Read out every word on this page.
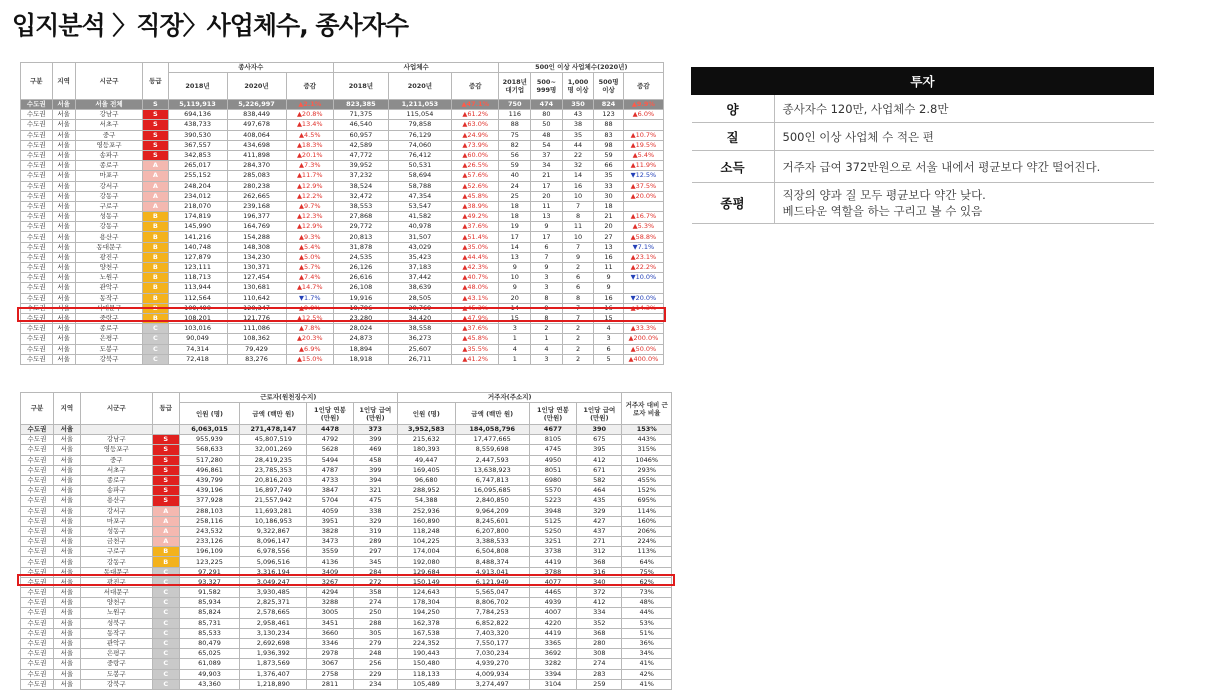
입지분석 〉직장〉사업체수, 종사자수
구분	지역	시군구	등급	종사자수			사업체수			500인 이상 사업체수(2020년)				
				2018년	2020년	증감	2018년	2020년	증감	2018년 대기업	500~ 999명	1,000명 이상	500명 이상	증감
수도권	서울	서울 전체	S	5,119,913	5,226,997	▲2.1%	823,385	1,211,053	▲47.1%	750	474	350	824	▲9.9%
수도권	서울	강남구	S	694,136	838,449	▲20.8%	71,375	115,054	▲61.2%	116	80	43	123	▲6.0%
수도권	서울	서초구	S	438,733	497,678	▲13.4%	46,540	79,858	▲63.0%	88	50	38	88	
수도권	서울	중구	S	390,530	408,064	▲4.5%	60,957	76,129	▲24.9%	75	48	35	83	▲10.7%
수도권	서울	영등포구	S	367,557	434,698	▲18.3%	42,589	74,060	▲73.9%	82	54	44	98	▲19.5%
수도권	서울	송파구	S	342,853	411,898	▲20.1%	47,772	76,412	▲60.0%	56	37	22	59	▲5.4%
수도권	서울	종로구	A	265,017	284,370	▲7.3%	39,952	50,531	▲26.5%	59	34	32	66	▲11.9%
수도권	서울	마포구	A	255,152	285,083	▲11.7%	37,232	58,694	▲57.6%	40	21	14	35	▼12.5%
수도권	서울	강서구	A	248,204	280,238	▲12.9%	38,524	58,788	▲52.6%	24	17	16	33	▲37.5%
수도권	서울	강동구	A	234,012	262,665	▲12.2%	32,472	47,354	▲45.8%	25	20	10	30	▲20.0%
수도권	서울	구로구	A	218,070	239,168	▲9.7%	38,553	53,547	▲38.9%	18	11	7	18	
수도권	서울	성동구	B	174,819	196,377	▲12.3%	27,868	41,582	▲49.2%	18	13	8	21	▲16.7%
수도권	서울	강동구	B	145,990	164,769	▲12.9%	29,772	40,978	▲37.6%	19	9	11	20	▲5.3%
수도권	서울	용산구	B	141,216	154,288	▲9.3%	20,813	31,507	▲51.4%	17	17	10	27	▲58.8%
수도권	서울	동대문구	B	140,748	148,308	▲5.4%	31,878	43,029	▲35.0%	14	6	7	13	▼7.1%
수도권	서울	광진구	B	127,879	134,230	▲5.0%	24,535	35,423	▲44.4%	13	7	9	16	▲23.1%
수도권	서울	양천구	B	123,111	130,371	▲5.7%	26,126	37,183	▲42.3%	9	9	2	11	▲22.2%
수도권	서울	노원구	B	118,713	127,454	▲7.4%	26,616	37,442	▲40.7%	10	3	6	9	▼10.0%
수도권	서울	관악구	B	113,944	130,681	▲14.7%	26,108	38,639	▲48.0%	9	3	6	9	
수도권	서울	동작구	B	112,564	110,642	▼1.7%	19,916	28,505	▲43.1%	20	8	8	16	▼20.0%
수도권	서울	서대문구	B	109,490	120,347	▲9.9%	19,796	28,769	▲45.3%	14	9	7	16	▲14.3%
수도권	서울	중랑구	B	108,201	121,776	▲12.5%	23,280	34,420	▲47.9%	15	8	7	15	
수도권	서울	종로구	C	103,016	111,086	▲7.8%	28,024	38,558	▲37.6%	3	2	2	4	▲33.3%
수도권	서울	은평구	C	90,049	108,362	▲20.3%	24,873	36,273	▲45.8%	1	1	2	3	▲200.0%
수도권	서울	도봉구	C	74,314	79,429	▲6.9%	18,894	25,607	▲35.5%	4	4	2	6	▲50.0%
수도권	서울	강북구	C	72,418	83,276	▲15.0%	18,918	26,711	▲41.2%	1	3	2	5	▲400.0%
구분	지역	시군구	등급	근로자(원천징수지)				거주자(주소지)				거주자 대비 근로자 비율
				인원 (명)	금액 (백만 원)	1인당 연봉 (만원)	1인당 급여 (만원)	인원 (명)	금액 (백만 원)	1인당 연봉 (만원)	1인당 급여 (만원)	
수도권	서울			6,063,015	271,478,147	4478	373	3,952,583	184,058,796	4677	390	153%
수도권	서울	강남구	S	955,939	45,807,519	4792	399	215,632	17,477,665	8105	675	443%
수도권	서울	영등포구	S	568,633	32,001,269	5628	469	180,393	8,559,698	4745	395	315%
수도권	서울	중구	S	517,280	28,419,235	5494	458	49,447	2,447,593	4950	412	1046%
수도권	서울	서초구	S	496,861	23,785,353	4787	399	169,405	13,638,923	8051	671	293%
수도권	서울	종로구	S	439,799	20,816,203	4733	394	96,680	6,747,813	6980	582	455%
수도권	서울	송파구	S	439,196	16,897,749	3847	321	288,952	16,095,685	5570	464	152%
수도권	서울	용산구	S	377,928	21,557,942	5704	475	54,388	2,840,850	5223	435	695%
수도권	서울	강서구	A	288,103	11,693,281	4059	338	252,936	9,964,209	3948	329	114%
수도권	서울	마포구	A	258,116	10,186,953	3951	329	160,890	8,245,601	5125	427	160%
수도권	서울	성동구	A	243,532	9,322,867	3828	319	118,248	6,207,800	5250	437	206%
수도권	서울	금천구	A	233,126	8,096,147	3473	289	104,225	3,388,533	3251	271	224%
수도권	서울	구로구	B	196,109	6,978,556	3559	297	174,004	6,504,808	3738	312	113%
수도권	서울	강동구	B	123,225	5,096,516	4136	345	192,080	8,488,374	4419	368	64%
수도권	서울	동대문구	C	97,291	3,316,194	3409	284	129,684	4,913,041	3788	316	75%
수도권	서울	광진구	C	93,327	3,049,247	3267	272	150,149	6,121,949	4077	340	62%
수도권	서울	서대문구	C	91,582	3,930,485	4294	358	124,643	5,565,047	4465	372	73%
수도권	서울	양천구	C	85,934	2,825,371	3288	274	178,304	8,806,702	4939	412	48%
수도권	서울	노원구	C	85,824	2,578,665	3005	250	194,250	7,784,253	4007	334	44%
수도권	서울	성북구	C	85,731	2,958,461	3451	288	162,378	6,852,822	4220	352	53%
수도권	서울	동작구	C	85,533	3,130,234	3660	305	167,538	7,403,320	4419	368	51%
수도권	서울	관악구	C	80,479	2,692,698	3346	279	224,352	7,550,177	3365	280	36%
수도권	서울	은평구	C	65,025	1,936,392	2978	248	190,443	7,030,234	3692	308	34%
수도권	서울	중랑구	C	61,089	1,873,569	3067	256	150,480	4,939,270	3282	274	41%
수도권	서울	도봉구	C	49,903	1,376,407	2758	229	118,133	4,009,934	3394	283	42%
수도권	서울	강북구	C	43,360	1,218,890	2811	234	105,489	3,274,497	3104	259	41%
투자	
양	종사자수 120만, 사업체수 2.8만
질	500인 이상 사업체 수 적은 편
소득	거주자 급여 372만원으로 서울 내에서 평균보다 약간 떨어진다.
종평	직장의 양과 질 모두 평균보다 약간 낮다.
베드타운 역할을 하는 구리고 볼 수 있음
